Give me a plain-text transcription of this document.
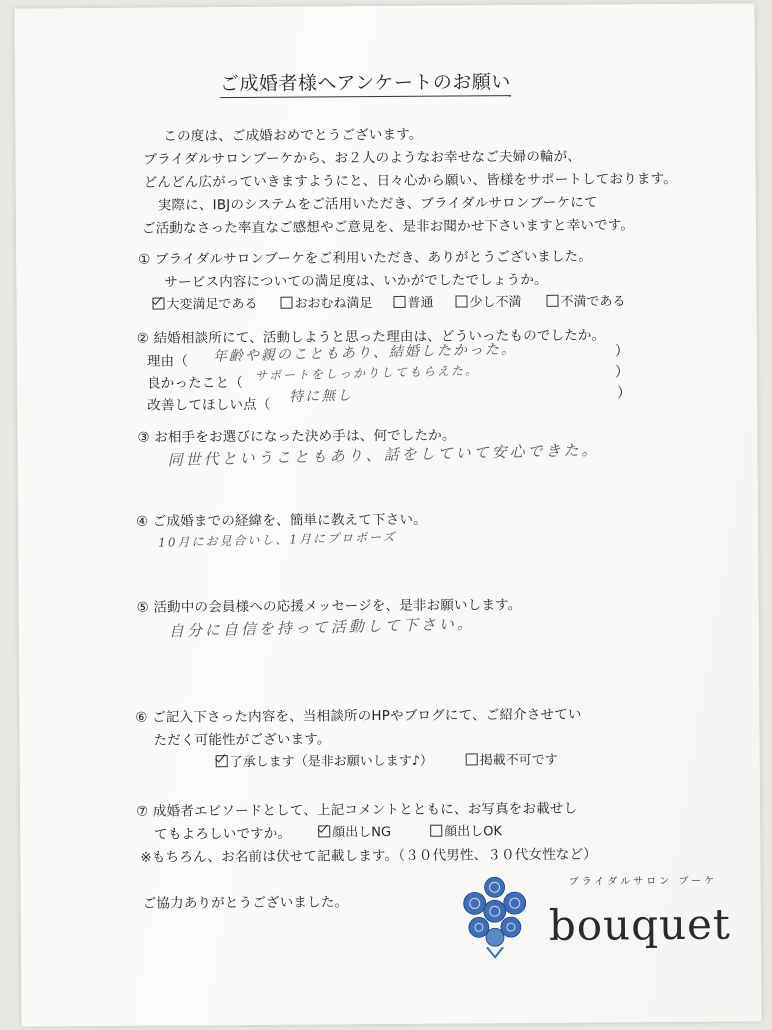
ご成婚者様へアンケートのお願い
この度は、ご成婚おめでとうございます。
ブライダルサロンブーケから、お２人のようなお幸せなご夫婦の輪が、
どんどん広がっていきますようにと、日々心から願い、皆様をサポートしております。
実際に、IBJのシステムをご活用いただき、ブライダルサロンブーケにて
ご活動なさった率直なご感想やご意見を、是非お聞かせ下さいますと幸いです。
① ブライダルサロンブーケをご利用いただき、ありがとうございました。
サービス内容についての満足度は、いかがでしたでしょうか。
大変満足である	おおむね満足	普通	少し不満	不満である
② 結婚相談所にて、活動しようと思った理由は、どういったものでしたか。
理由（ 年齢や親のこともあり、結婚したかった。	）
良かったこと（
サポートをしっかりしてもらえた。	）
改善してほしい点（ 特に無し	）
③ お相手をお選びになった決め手は、何でしたか。
同世代ということもあり、話をしていて安心できた。
④ ご成婚までの経緯を、簡単に教えて下さい。
10月にお見合いし、1月にプロポーズ
⑤ 活動中の会員様への応援メッセージを、是非お願いします。
自分に自信を持って活動して下さい。
⑥ ご記入下さった内容を、当相談所のHPやブログにて、ご紹介させてい
ただく可能性がございます。
了承します（是非お願いします♪）	掲載不可です
⑦ 成婚者エピソードとして、上記コメントとともに、お写真をお載せし
てもよろしいですか。	顔出しNG	顔出しOK
※もちろん、お名前は伏せて記載します。（３０代男性、３０代女性など）
ご協力ありがとうございました。
ブライダルサロン ブーケ
bouquet
